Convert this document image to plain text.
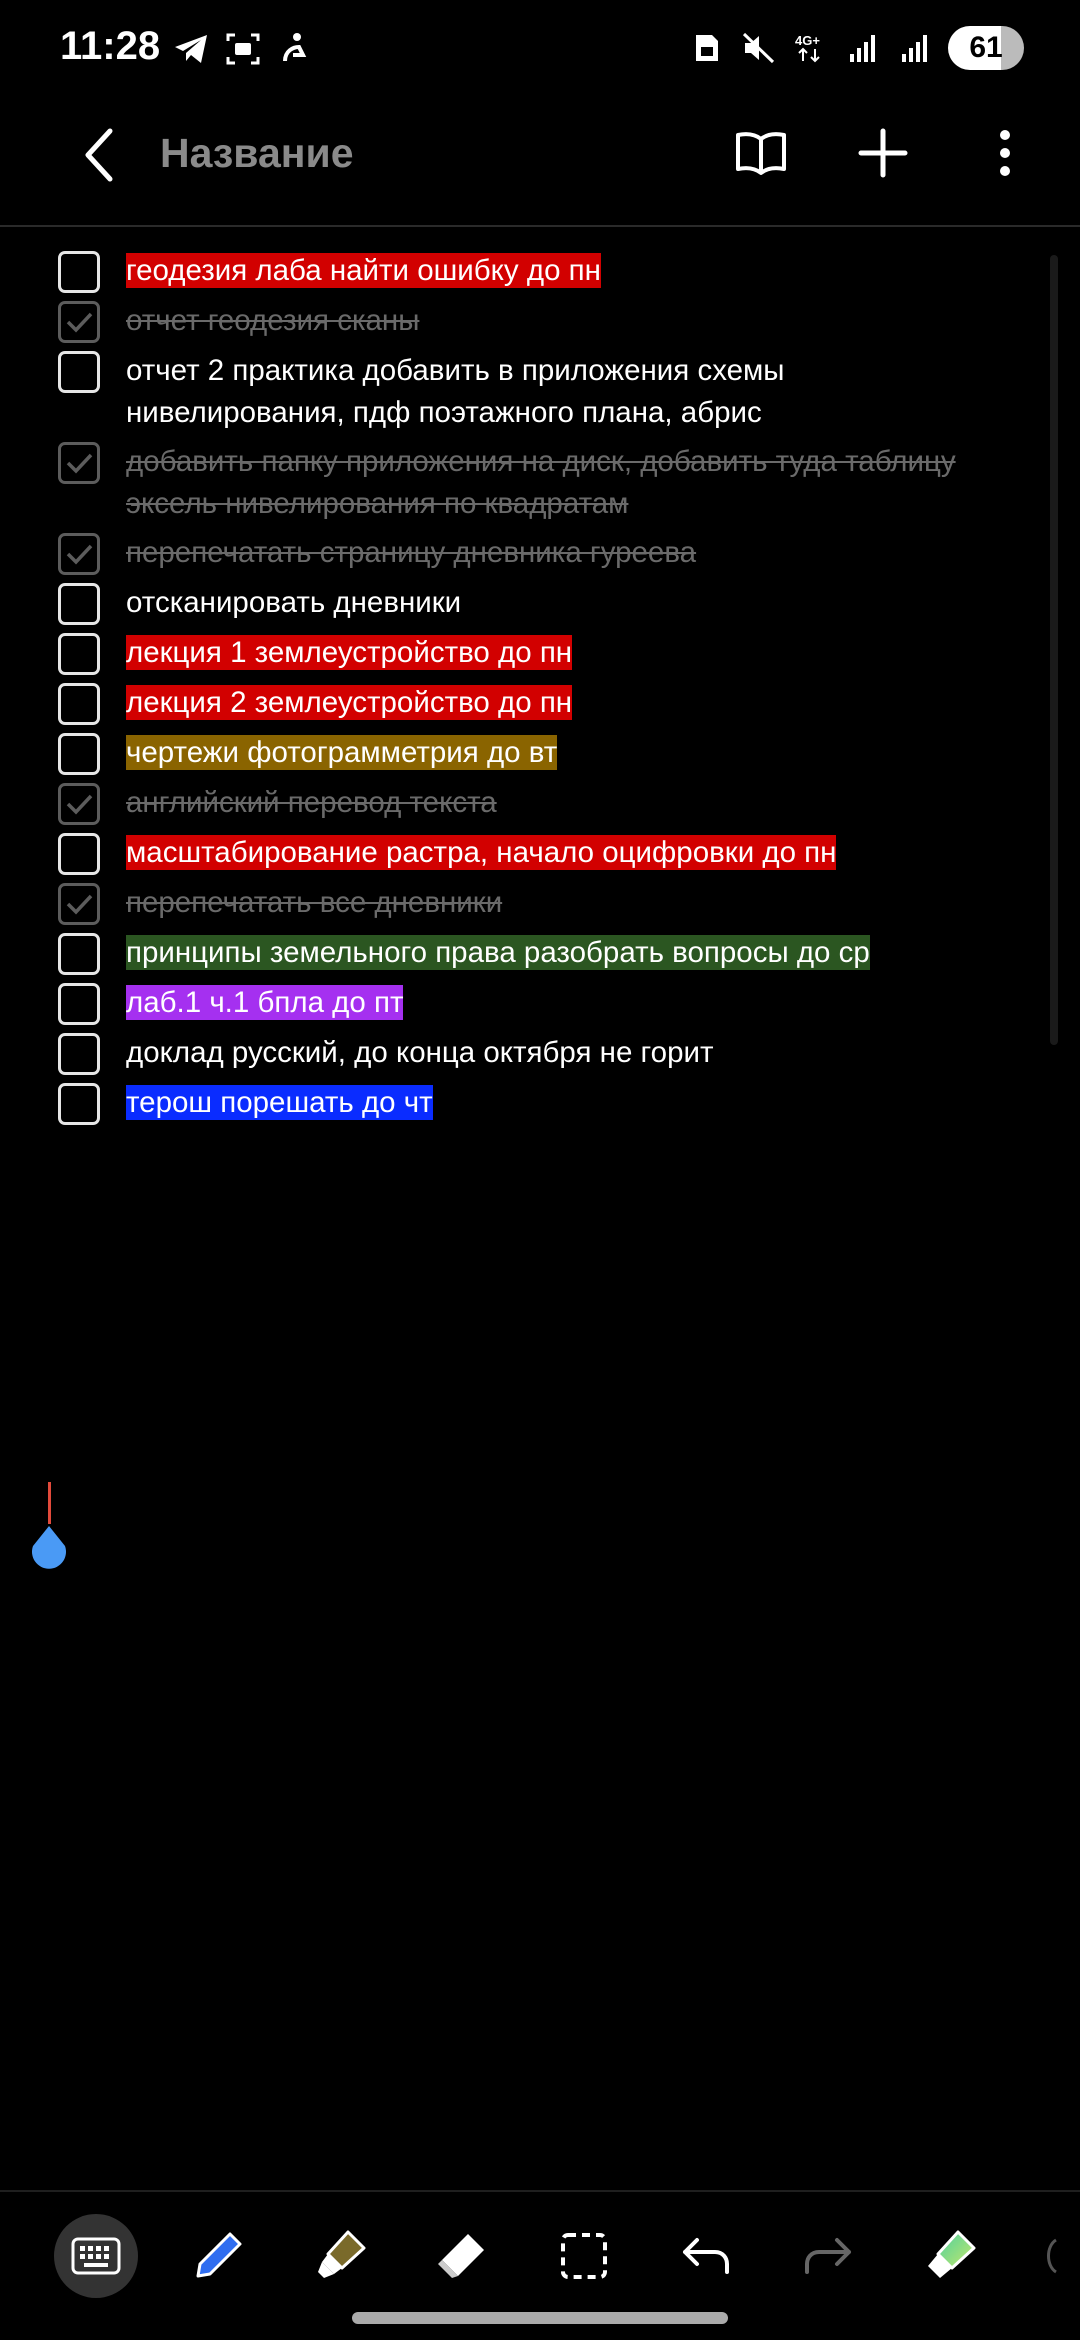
11:28	4G+	61
Название
геодезия лаба найти ошибку до пн
отчет геодезия сканы
отчет 2 практика добавить в приложения схемы нивелирования, пдф поэтажного плана, абрис
добавить папку приложения на диск, добавить туда таблицу эксель нивелирования по квадратам
перепечатать страницу дневника гуреева
отсканировать дневники
лекция 1 землеустройство до пн
лекция 2 землеустройство до пн
чертежи фотограмметрия до вт
английский перевод текста
масштабирование растра, начало оцифровки до пн
перепечатать все дневники
принципы земельного права разобрать вопросы до ср
лаб.1 ч.1 бпла до пт
доклад русский, до конца октября не горит
терош порешать до чт
